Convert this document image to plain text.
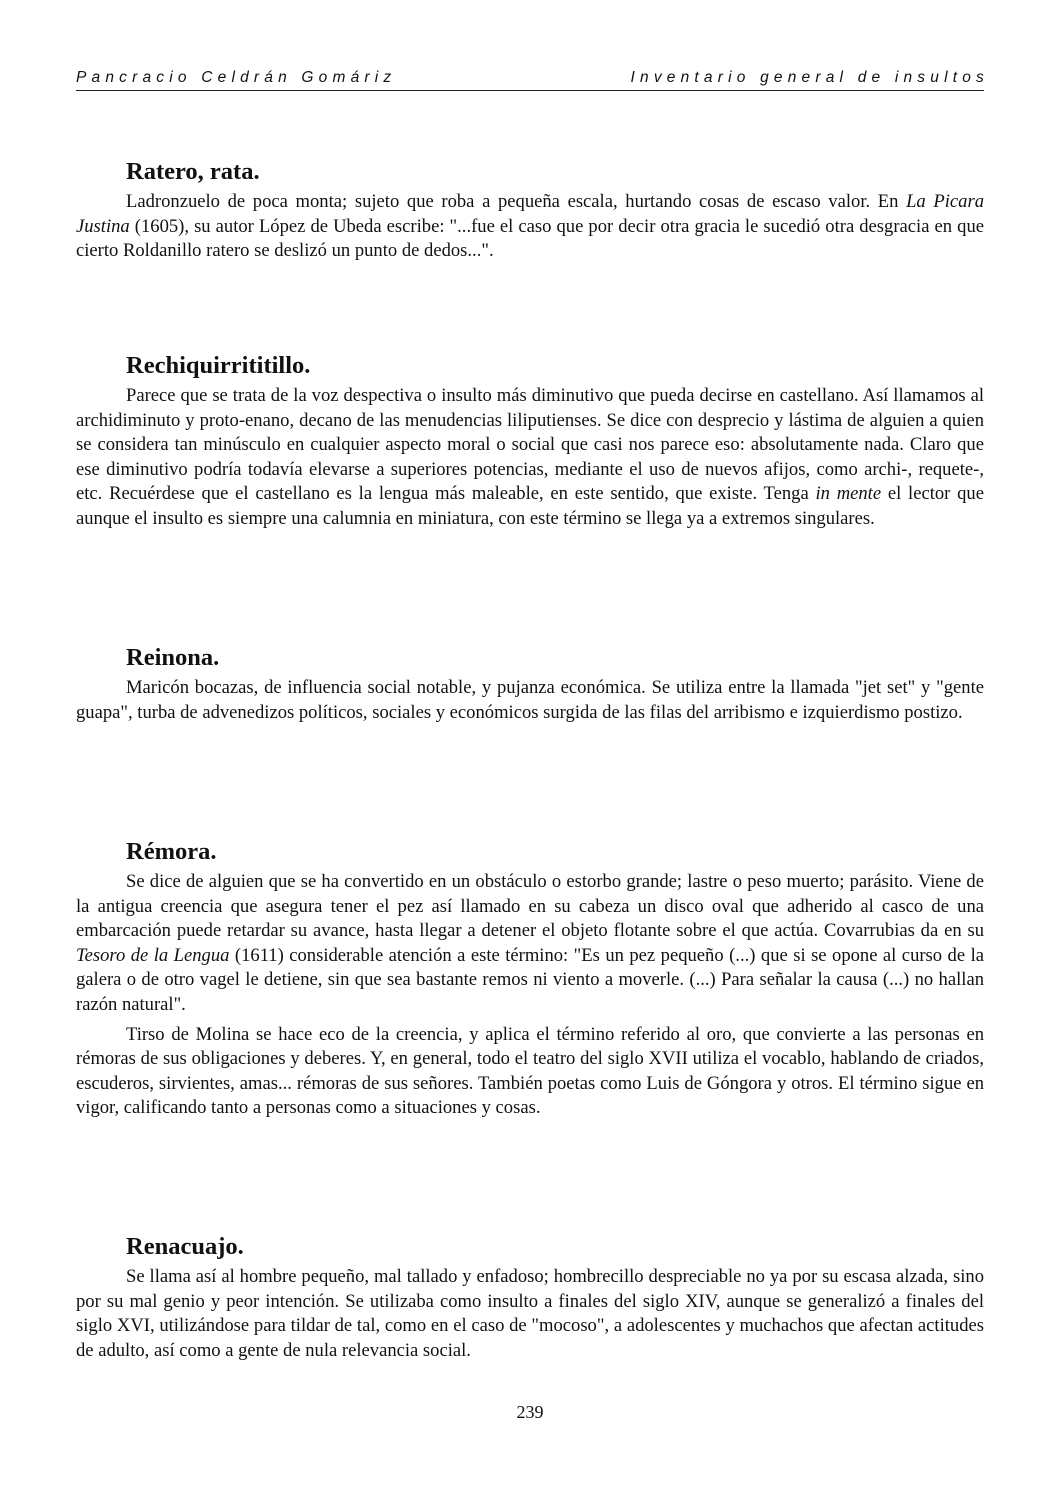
Pancracio Celdrán Gomáriz	Inventario general de insultos
Ratero, rata.

Ladronzuelo de poca monta; sujeto que roba a pequeña escala, hurtando cosas de escaso valor. En La Picara Justina (1605), su autor López de Ubeda escribe: "...fue el caso que por decir otra gracia le sucedió otra desgracia en que cierto Roldanillo ratero se deslizó un punto de dedos...".

Rechiquirrititillo.

Parece que se trata de la voz despectiva o insulto más diminutivo que pueda decirse en castellano. Así llamamos al archidiminuto y proto-enano, decano de las menudencias liliputienses. Se dice con desprecio y lástima de alguien a quien se considera tan minúsculo en cualquier aspecto moral o social que casi nos parece eso: absolutamente nada. Claro que ese diminutivo podría todavía elevarse a superiores potencias, mediante el uso de nuevos afijos, como archi-, requete-, etc. Recuérdese que el castellano es la lengua más maleable, en este sentido, que existe. Tenga in mente el lector que aunque el insulto es siempre una calumnia en miniatura, con este término se llega ya a extremos singulares.

Reinona.

Maricón bocazas, de influencia social notable, y pujanza económica. Se utiliza entre la llamada "jet set" y "gente guapa", turba de advenedizos políticos, sociales y económicos surgida de las filas del arribismo e izquierdismo postizo.

Rémora.

Se dice de alguien que se ha convertido en un obstáculo o estorbo grande; lastre o peso muerto; parásito. Viene de la antigua creencia que asegura tener el pez así llamado en su cabeza un disco oval que adherido al casco de una embarcación puede retardar su avance, hasta llegar a detener el objeto flotante sobre el que actúa. Covarrubias da en su Tesoro de la Lengua (1611) considerable atención a este término: "Es un pez pequeño (...) que si se opone al curso de la galera o de otro vagel le detiene, sin que sea bastante remos ni viento a moverle. (...) Para señalar la causa (...) no hallan razón natural".

Tirso de Molina se hace eco de la creencia, y aplica el término referido al oro, que convierte a las personas en rémoras de sus obligaciones y deberes. Y, en general, todo el teatro del siglo XVII utiliza el vocablo, hablando de criados, escuderos, sirvientes, amas... rémoras de sus señores. También poetas como Luis de Góngora y otros. El término sigue en vigor, calificando tanto a personas como a situaciones y cosas.

Renacuajo.

Se llama así al hombre pequeño, mal tallado y enfadoso; hombrecillo despreciable no ya por su escasa alzada, sino por su mal genio y peor intención. Se utilizaba como insulto a finales del siglo XIV, aunque se generalizó a finales del siglo XVI, utilizándose para tildar de tal, como en el caso de "mocoso", a adolescentes y muchachos que afectan actitudes de adulto, así como a gente de nula relevancia social.

239
